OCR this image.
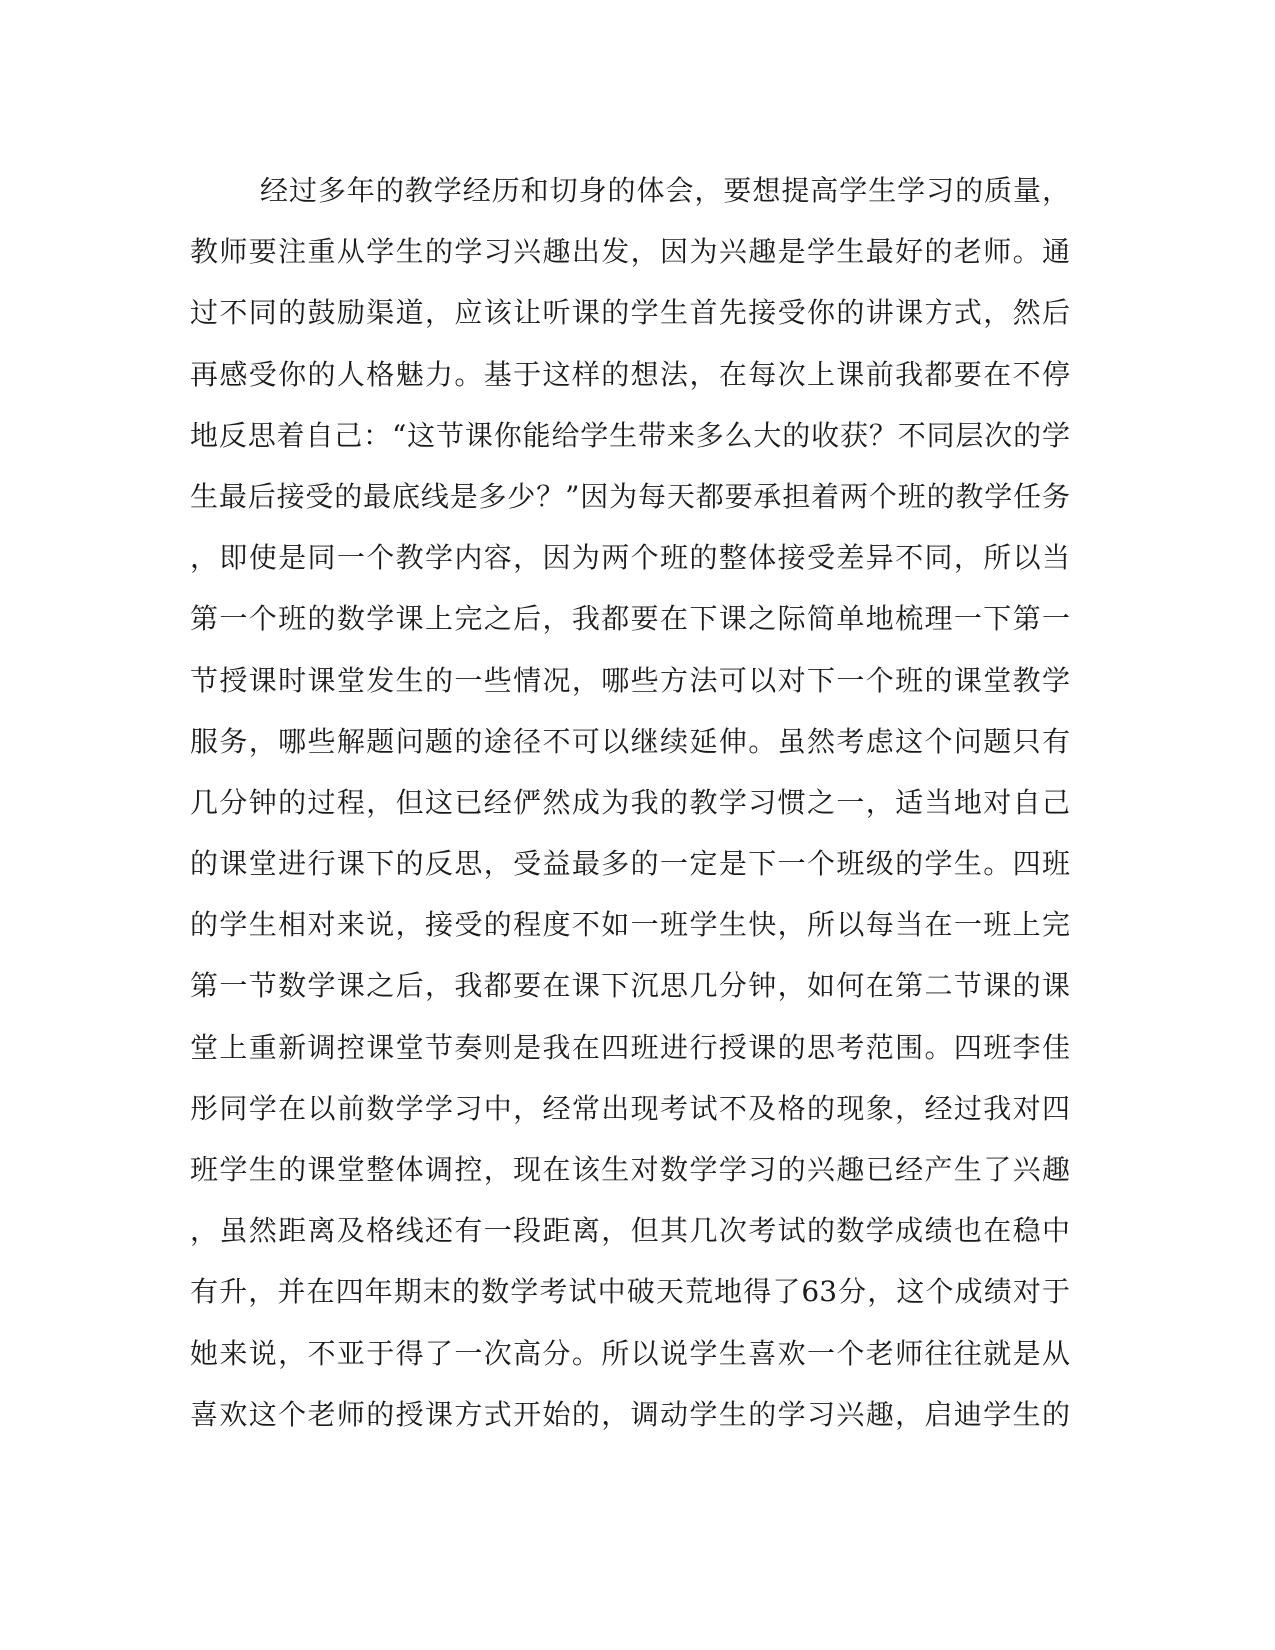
经过多年的教学经历和切身的体会，要想提高学生学习的质量，
教师要注重从学生的学习兴趣出发，因为兴趣是学生最好的老师。通
过不同的鼓励渠道，应该让听课的学生首先接受你的讲课方式，然后
再感受你的人格魅力。基于这样的想法，在每次上课前我都要在不停
地反思着自己：“这节课你能给学生带来多么大的收获？不同层次的学
生最后接受的最底线是多少？”因为每天都要承担着两个班的教学任务
，即使是同一个教学内容，因为两个班的整体接受差异不同，所以当
第一个班的数学课上完之后，我都要在下课之际简单地梳理一下第一
节授课时课堂发生的一些情况，哪些方法可以对下一个班的课堂教学
服务，哪些解题问题的途径不可以继续延伸。虽然考虑这个问题只有
几分钟的过程，但这已经俨然成为我的教学习惯之一，适当地对自己
的课堂进行课下的反思，受益最多的一定是下一个班级的学生。四班
的学生相对来说，接受的程度不如一班学生快，所以每当在一班上完
第一节数学课之后，我都要在课下沉思几分钟，如何在第二节课的课
堂上重新调控课堂节奏则是我在四班进行授课的思考范围。四班李佳
彤同学在以前数学学习中，经常出现考试不及格的现象，经过我对四
班学生的课堂整体调控，现在该生对数学学习的兴趣已经产生了兴趣
，虽然距离及格线还有一段距离，但其几次考试的数学成绩也在稳中
有升，并在四年期末的数学考试中破天荒地得了63分，这个成绩对于
她来说，不亚于得了一次高分。所以说学生喜欢一个老师往往就是从
喜欢这个老师的授课方式开始的，调动学生的学习兴趣，启迪学生的
